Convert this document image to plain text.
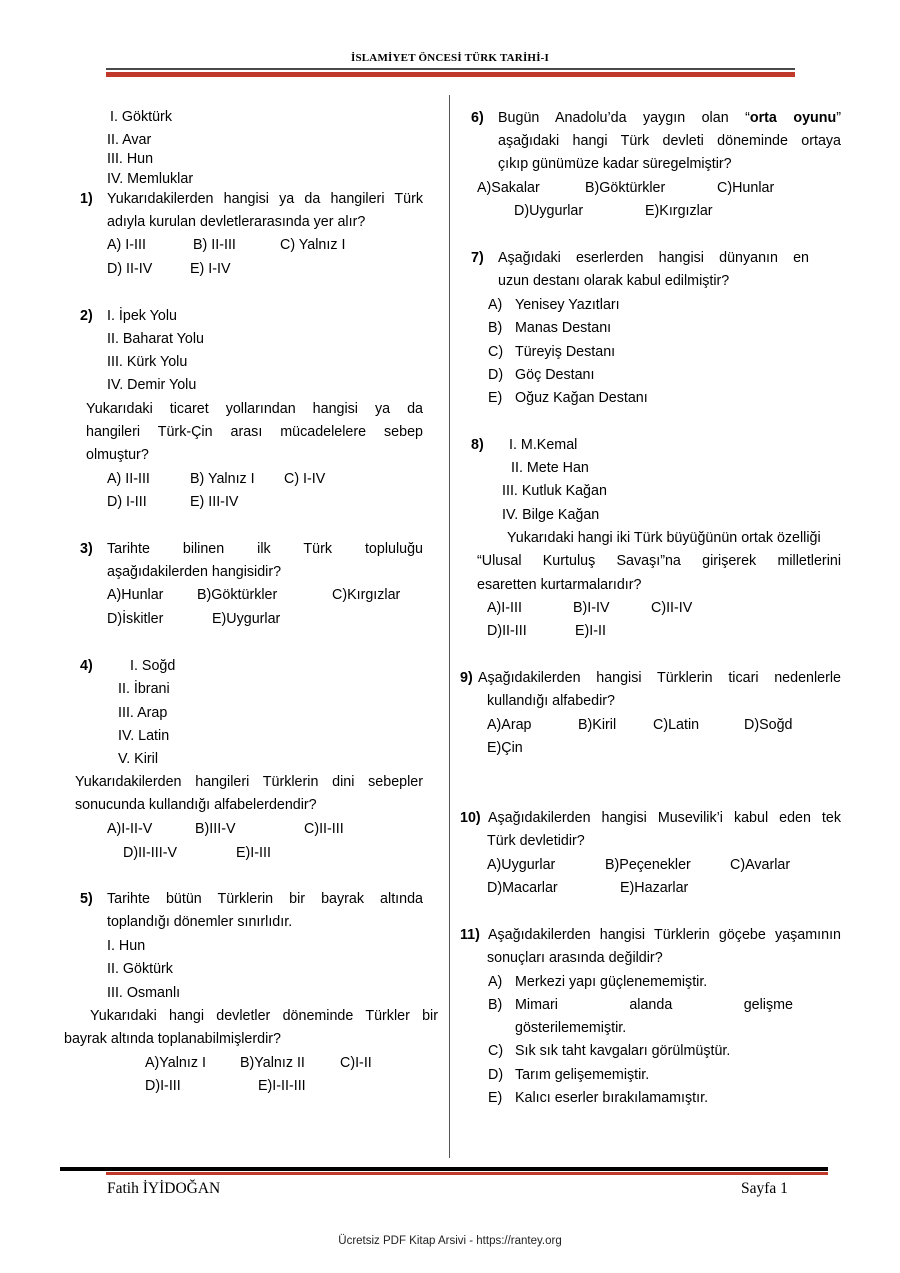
İSLAMİYET ÖNCESİ TÜRK TARİHİ-I
I. Göktürk
II. Avar
III. Hun
IV. Memluklar
1) Yukarıdakilerden hangisi ya da hangileri Türk
adıyla kurulan devletlerarasında yer alır?
A) I-III	B) II-III	C) Yalnız I
D) II-IV	E) I-IV
2) I. İpek Yolu
II. Baharat Yolu
III. Kürk Yolu
IV. Demir Yolu
Yukarıdaki ticaret yollarından hangisi ya da
hangileri Türk-Çin arası mücadelelere sebep
olmuştur?
A) II-III	B) Yalnız I C) I-IV
D) I-III	E) III-IV
3) Tarihte bilinen ilk Türk topluluğu
aşağıdakilerden hangisidir?
A)Hunlar B)Göktürkler	C)Kırgızlar
D)İskitler	E)Uygurlar
4)	I. Soğd
II. İbrani
III. Arap
IV. Latin
V. Kiril
Yukarıdakilerden hangileri Türklerin dini sebepler
sonucunda kullandığı alfabelerdendir?
A)I-II-V	B)III-V	C)II-III
D)II-III-V	E)I-III
5) Tarihte bütün Türklerin bir bayrak altında
toplandığı dönemler sınırlıdır.
I. Hun
II. Göktürk
III. Osmanlı
Yukarıdaki hangi devletler döneminde Türkler bir
bayrak altında toplanabilmişlerdir?
A)Yalnız I B)Yalnız II C)I-II
D)I-III	E)I-II-III
6) Bugün Anadolu’da yaygın olan “orta oyunu”
aşağıdaki hangi Türk devleti döneminde ortaya
çıkıp günümüze kadar süregelmiştir?
A)Sakalar	B)Göktürkler	C)Hunlar
D)Uygurlar	E)Kırgızlar
7) Aşağıdaki eserlerden hangisi dünyanın en
uzun destanı olarak kabul edilmiştir?
A) Yenisey Yazıtları
B) Manas Destanı
C) Türeyiş Destanı
D) Göç Destanı
E) Oğuz Kağan Destanı
8) I. M.Kemal
II. Mete Han
III. Kutluk Kağan
IV. Bilge Kağan
Yukarıdaki hangi iki Türk büyüğünün ortak özelliği
“Ulusal Kurtuluş Savaşı”na girişerek milletlerini
esaretten kurtarmalarıdır?
A)I-III	B)I-IV	C)II-IV
D)II-III	E)I-II
9) Aşağıdakilerden hangisi Türklerin ticari nedenlerle
kullandığı alfabedir?
A)Arap	B)Kiril	C)Latin	D)Soğd
E)Çin
10) Aşağıdakilerden hangisi Musevilik’i kabul eden tek
Türk devletidir?
A)Uygurlar	B)Peçenekler	C)Avarlar
D)Macarlar	E)Hazarlar
11) Aşağıdakilerden hangisi Türklerin göçebe yaşamının
sonuçları arasında değildir?
A) Merkezi yapı güçlenememiştir.
B) Mimari alanda gelişme
gösterilememiştir.
C) Sık sık taht kavgaları görülmüştür.
D) Tarım gelişememiştir.
E) Kalıcı eserler bırakılamamıştır.
Fatih İYİDOĞAN	Sayfa 1
Ücretsiz PDF Kitap Arsivi - https://rantey.org
